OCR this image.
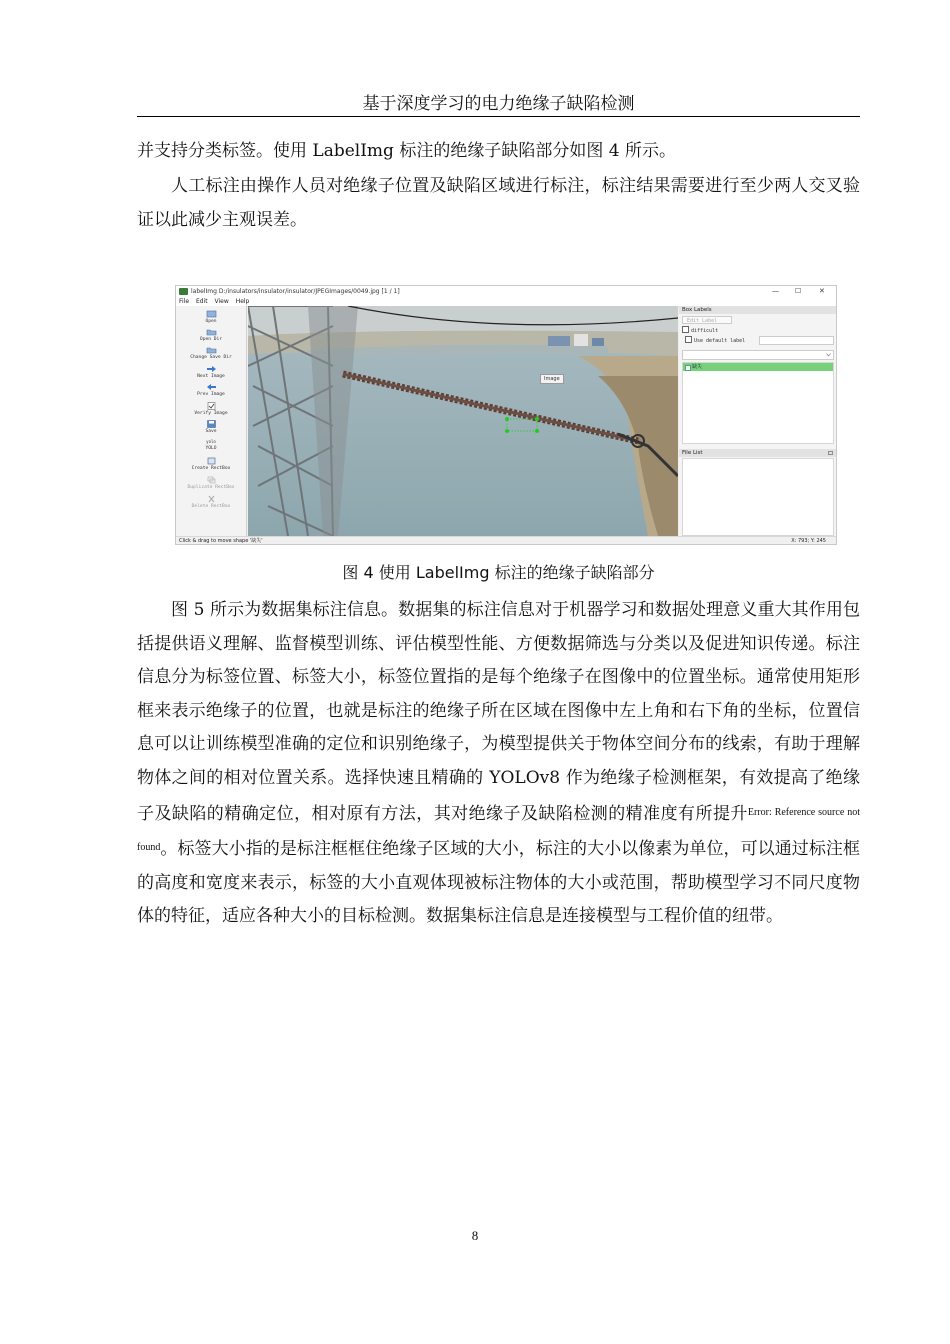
基于深度学习的电力绝缘子缺陷检测

并支持分类标签。使用 LabelImg 标注的绝缘子缺陷部分如图 4 所示。

人工标注由操作人员对绝缘子位置及缺陷区域进行标注，标注结果需要进行至少两人交叉验证以此减少主观误差。

labelImg D:/insulators/insulator/insulator/JPEGImages/0049.jpg [1 / 1]	— ☐	✕
File Edit View Help
Open
Open Dir
Change Save Dir
Next Image
Prev Image
Verify Image
Save
yolo
YOLO
Create RectBox
Duplicate RectBox
Delete RectBox
Image
Box Labels
Edit Label
difficult
Use default label
缺失
File List
Click & drag to move shape '缺失'	X: 793; Y: 245
图 4 使用 LabelImg 标注的绝缘子缺陷部分

图 5 所示为数据集标注信息。数据集的标注信息对于机器学习和数据处理意义重大其作用包括提供语义理解、监督模型训练、评估模型性能、方便数据筛选与分类以及促进知识传递。标注信息分为标签位置、标签大小，标签位置指的是每个绝缘子在图像中的位置坐标。通常使用矩形框来表示绝缘子的位置，也就是标注的绝缘子所在区域在图像中左上角和右下角的坐标，位置信息可以让训练模型准确的定位和识别绝缘子，为模型提供关于物体空间分布的线索，有助于理解物体之间的相对位置关系。选择快速且精确的 YOLOv8 作为绝缘子检测框架，有效提高了绝缘子及缺陷的精确定位，相对原有方法，其对绝缘子及缺陷检测的精准度有所提升$^{Error: Reference source not found}$。标签大小指的是标注框框住绝缘子区域的大小，标注的大小以像素为单位，可以通过标注框的高度和宽度来表示，标签的大小直观体现被标注物体的大小或范围，帮助模型学习不同尺度物体的特征，适应各种大小的目标检测。数据集标注信息是连接模型与工程价值的纽带。

8
